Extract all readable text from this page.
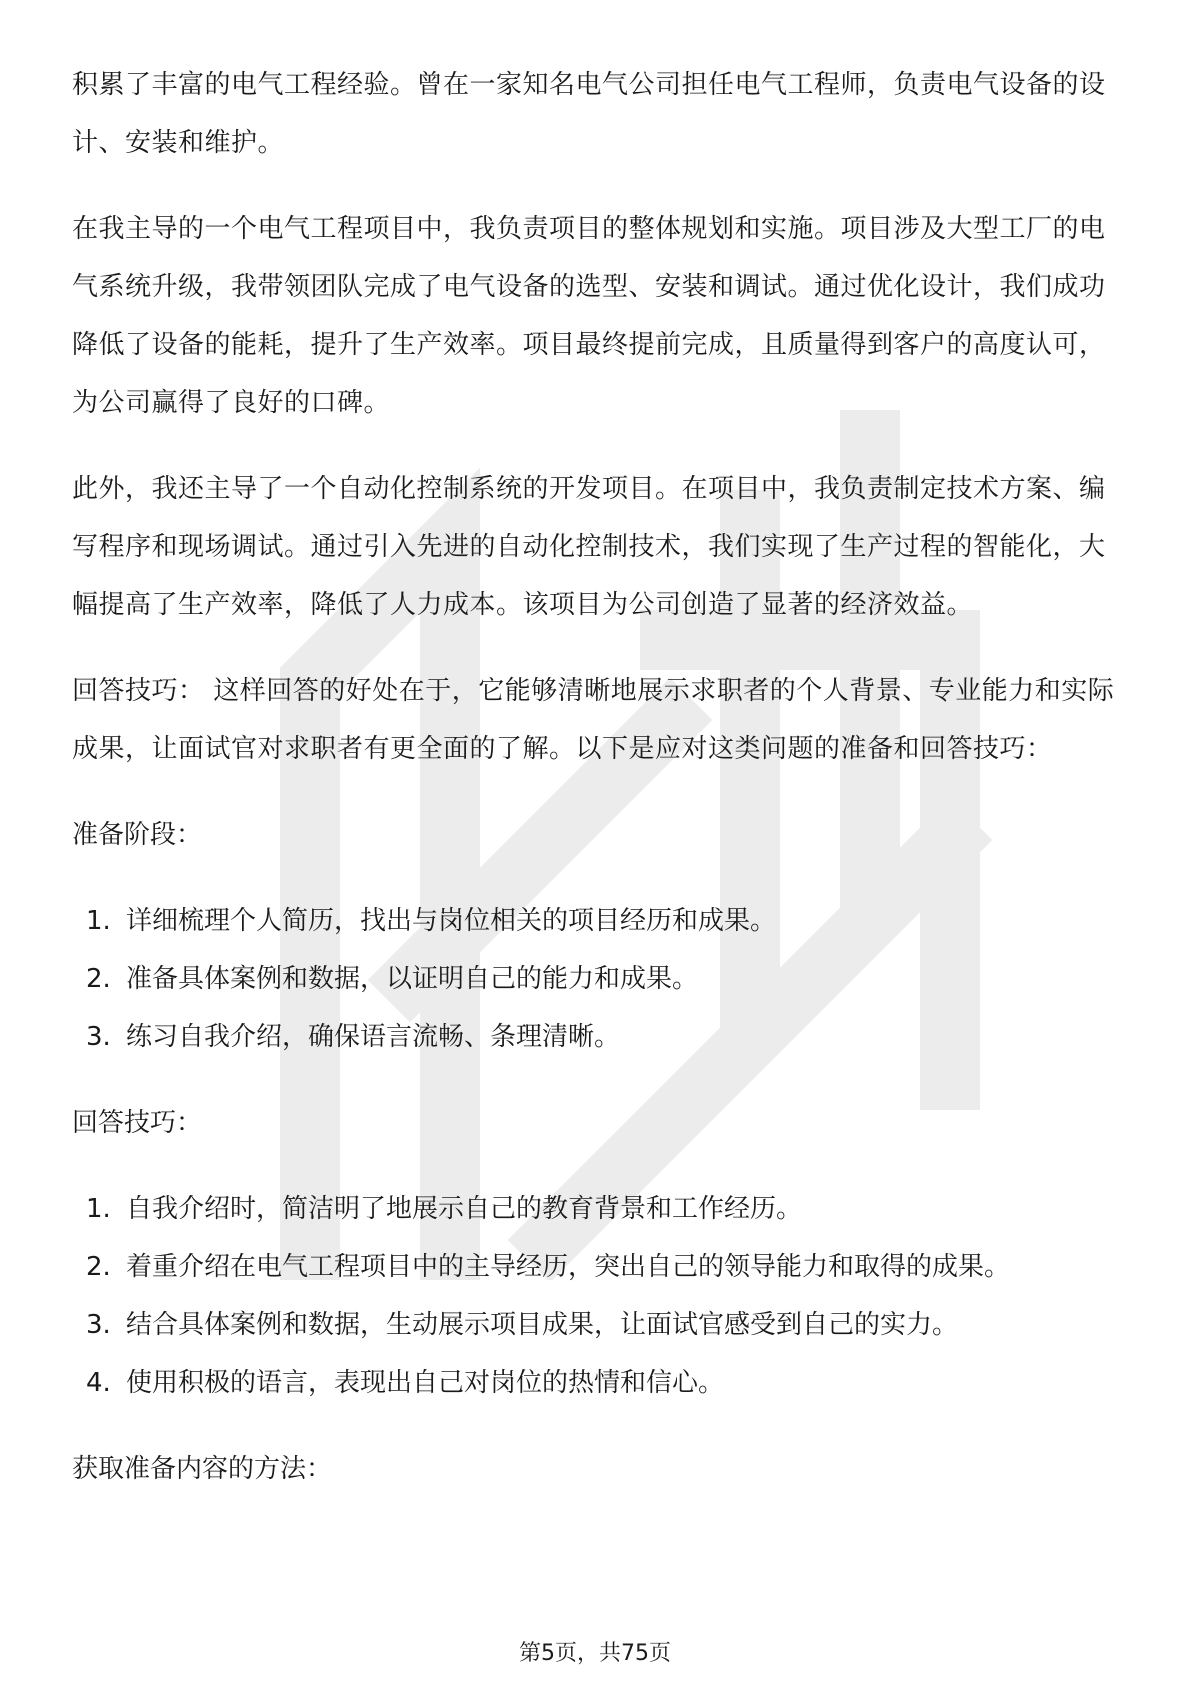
积累了丰富的电气工程经验。曾在一家知名电气公司担任电气工程师，负责电气设备的设计、安装和维护。

在我主导的一个电气工程项目中，我负责项目的整体规划和实施。项目涉及大型工厂的电气系统升级，我带领团队完成了电气设备的选型、安装和调试。通过优化设计，我们成功降低了设备的能耗，提升了生产效率。项目最终提前完成，且质量得到客户的高度认可，为公司赢得了良好的口碑。

此外，我还主导了一个自动化控制系统的开发项目。在项目中，我负责制定技术方案、编写程序和现场调试。通过引入先进的自动化控制技术，我们实现了生产过程的智能化，大幅提高了生产效率，降低了人力成本。该项目为公司创造了显著的经济效益。

回答技巧： 这样回答的好处在于，它能够清晰地展示求职者的个人背景、专业能力和实际成果，让面试官对求职者有更全面的了解。以下是应对这类问题的准备和回答技巧：

准备阶段：

1. 详细梳理个人简历，找出与岗位相关的项目经历和成果。
2. 准备具体案例和数据，以证明自己的能力和成果。
3. 练习自我介绍，确保语言流畅、条理清晰。

回答技巧：

1. 自我介绍时，简洁明了地展示自己的教育背景和工作经历。
2. 着重介绍在电气工程项目中的主导经历，突出自己的领导能力和取得的成果。
3. 结合具体案例和数据，生动展示项目成果，让面试官感受到自己的实力。
4. 使用积极的语言，表现出自己对岗位的热情和信心。

获取准备内容的方法：

第5页，共75页
